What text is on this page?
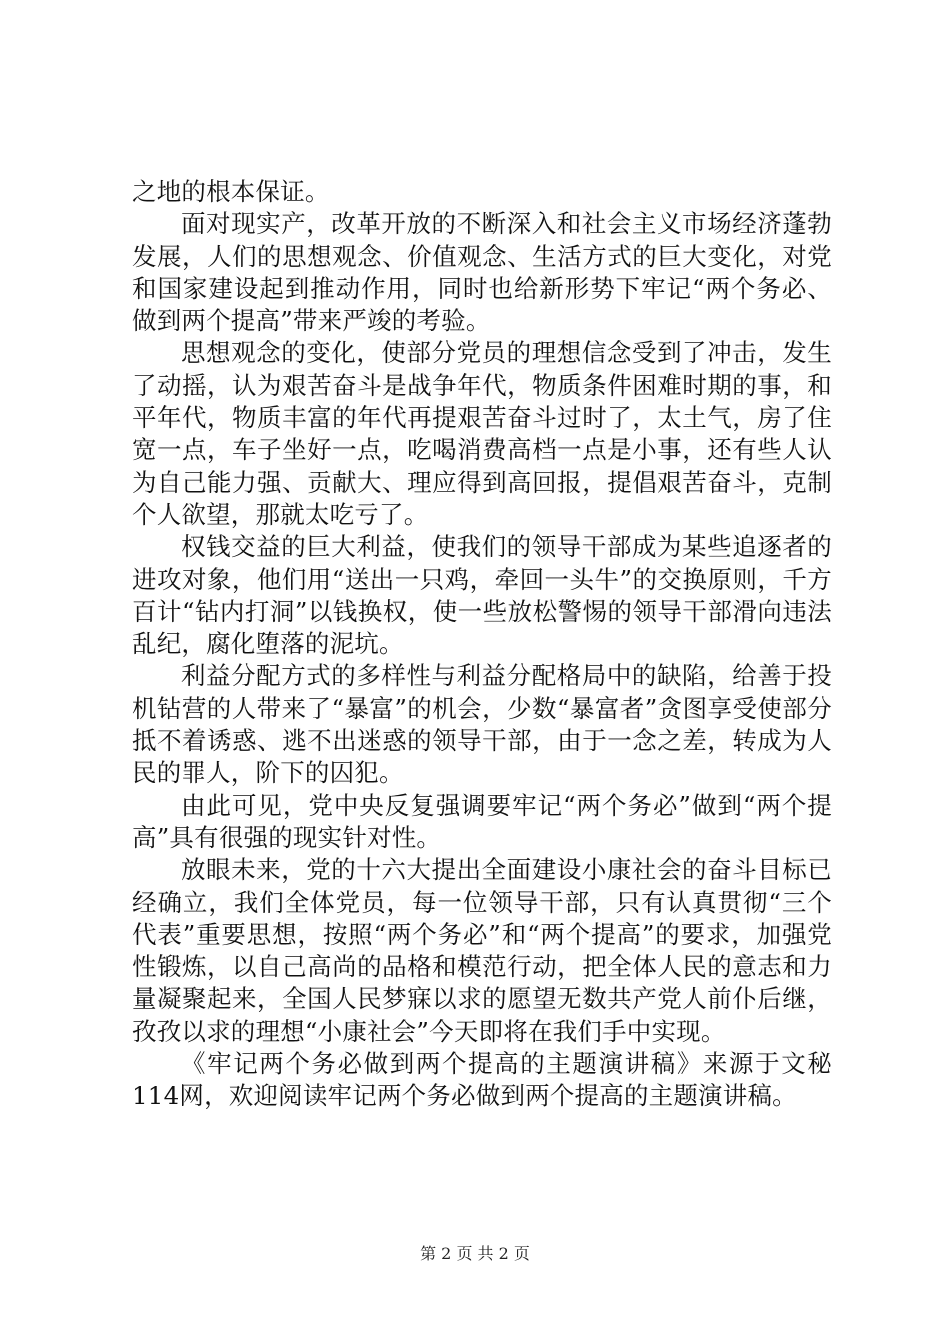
之地的根本保证。

面对现实产，改革开放的不断深入和社会主义市场经济蓬勃发展，人们的思想观念、价值观念、生活方式的巨大变化，对党和国家建设起到推动作用，同时也给新形势下牢记“两个务必、做到两个提高”带来严竣的考验。

思想观念的变化，使部分党员的理想信念受到了冲击，发生了动摇，认为艰苦奋斗是战争年代，物质条件困难时期的事，和平年代，物质丰富的年代再提艰苦奋斗过时了，太土气，房了住宽一点，车子坐好一点，吃喝消费高档一点是小事，还有些人认为自己能力强、贡献大、理应得到高回报，提倡艰苦奋斗，克制个人欲望，那就太吃亏了。

权钱交益的巨大利益，使我们的领导干部成为某些追逐者的进攻对象，他们用“送出一只鸡，牵回一头牛”的交换原则，千方百计“钻内打洞”以钱换权，使一些放松警惕的领导干部滑向违法乱纪，腐化堕落的泥坑。

利益分配方式的多样性与利益分配格局中的缺陷，给善于投机钻营的人带来了“暴富”的机会，少数“暴富者”贪图享受使部分抵不着诱惑、逃不出迷惑的领导干部，由于一念之差，转成为人民的罪人，阶下的囚犯。

由此可见，党中央反复强调要牢记“两个务必”做到“两个提高”具有很强的现实针对性。

放眼未来，党的十六大提出全面建设小康社会的奋斗目标已经确立，我们全体党员，每一位领导干部，只有认真贯彻“三个代表”重要思想，按照“两个务必”和“两个提高”的要求，加强党性锻炼，以自己高尚的品格和模范行动，把全体人民的意志和力量凝聚起来，全国人民梦寐以求的愿望无数共产党人前仆后继，孜孜以求的理想“小康社会”今天即将在我们手中实现。

《牢记两个务必做到两个提高的主题演讲稿》来源于文秘114网，欢迎阅读牢记两个务必做到两个提高的主题演讲稿。

第 2 页 共 2 页
